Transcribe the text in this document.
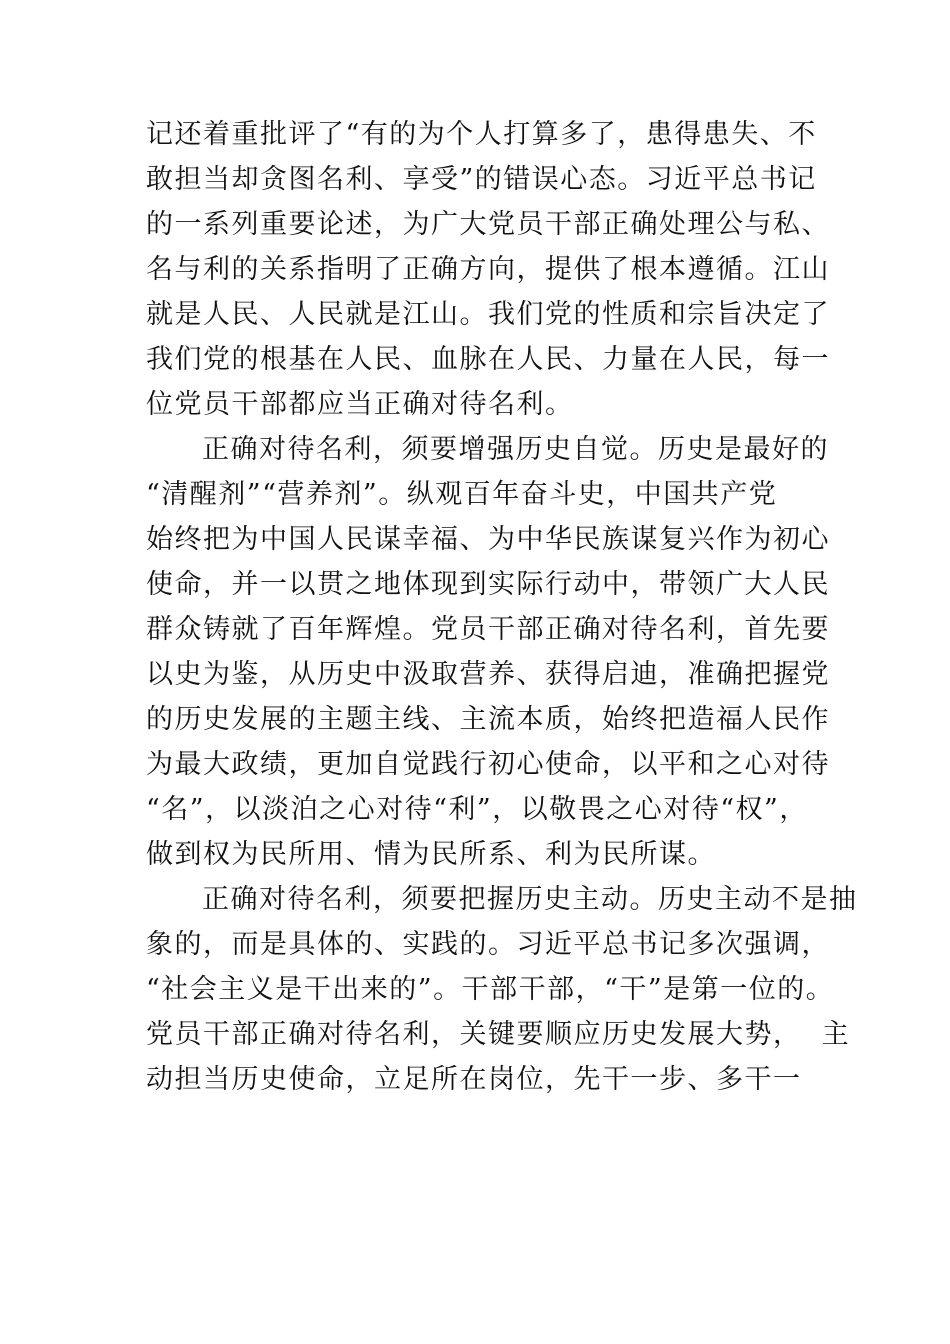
记还着重批评了“有的为个人打算多了，患得患失、不
敢担当却贪图名利、享受”的错误心态。习近平总书记
的一系列重要论述，为广大党员干部正确处理公与私、
名与利的关系指明了正确方向，提供了根本遵循。江山
就是人民、人民就是江山。我们党的性质和宗旨决定了
我们党的根基在人民、血脉在人民、力量在人民，每一
位党员干部都应当正确对待名利。
正确对待名利，须要增强历史自觉。历史是最好的
“清醒剂”“营养剂”。纵观百年奋斗史，中国共产党
始终把为中国人民谋幸福、为中华民族谋复兴作为初心
使命，并一以贯之地体现到实际行动中，带领广大人民
群众铸就了百年辉煌。党员干部正确对待名利，首先要
以史为鉴，从历史中汲取营养、获得启迪，准确把握党
的历史发展的主题主线、主流本质，始终把造福人民作
为最大政绩，更加自觉践行初心使命，以平和之心对待
“名”，以淡泊之心对待“利”，以敬畏之心对待“权”，
做到权为民所用、情为民所系、利为民所谋。
正确对待名利，须要把握历史主动。历史主动不是抽
象的，而是具体的、实践的。习近平总书记多次强调，
“社会主义是干出来的”。干部干部，“干”是第一位的。
党员干部正确对待名利，关键要顺应历史发展大势，  主
动担当历史使命，立足所在岗位，先干一步、多干一
